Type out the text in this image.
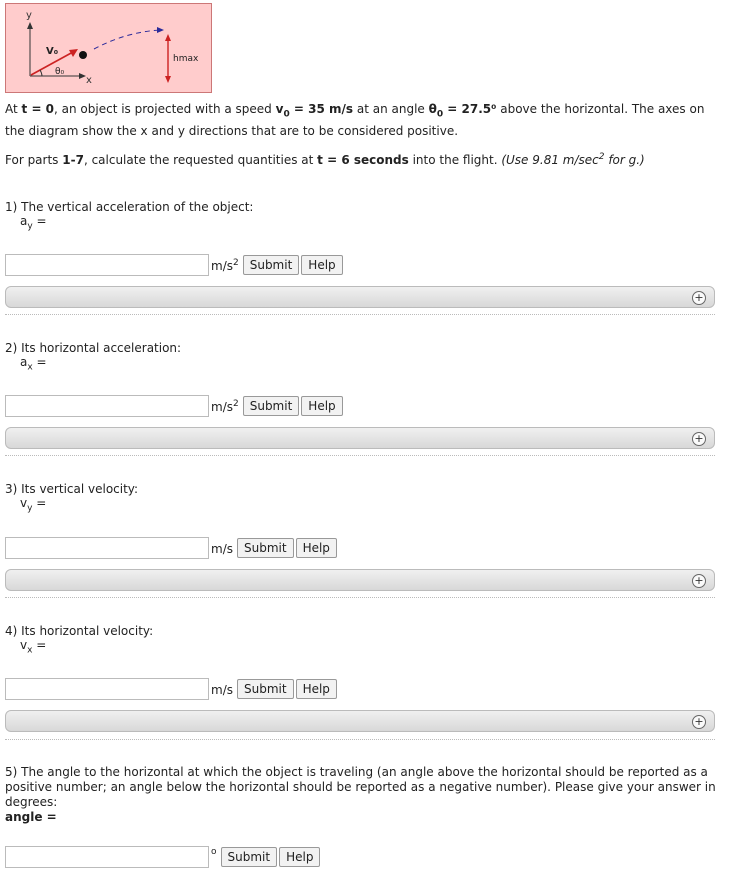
y
x
V₀
θ₀
hmax

At t = 0, an object is projected with a speed $v_0 = 35$ m/s at an angle $\theta_0 = 27.5^0$ above the horizontal. The axes on the diagram show the x and y directions that are to be considered positive.

For parts 1-7, calculate the requested quantities at t = 6 seconds into the flight. (Use 9.81 $m/\sec^2$ for g.)

1) The vertical acceleration of the object:
$a_y$ =
$m/s^2$ Submit	Help
+
2) Its horizontal acceleration:
$a_x$ =
$m/s^2$ Submit	Help
+
3) Its vertical velocity:
$v_y$ =
m/s Submit	Help
+
4) Its horizontal velocity:
$v_x$ =
m/s Submit	Help
+
5) The angle to the horizontal at which the object is traveling (an angle above the horizontal should be reported as a positive number; an angle below the horizontal should be reported as a negative number). Please give your answer in degrees:
angle =
o Submit	Help
